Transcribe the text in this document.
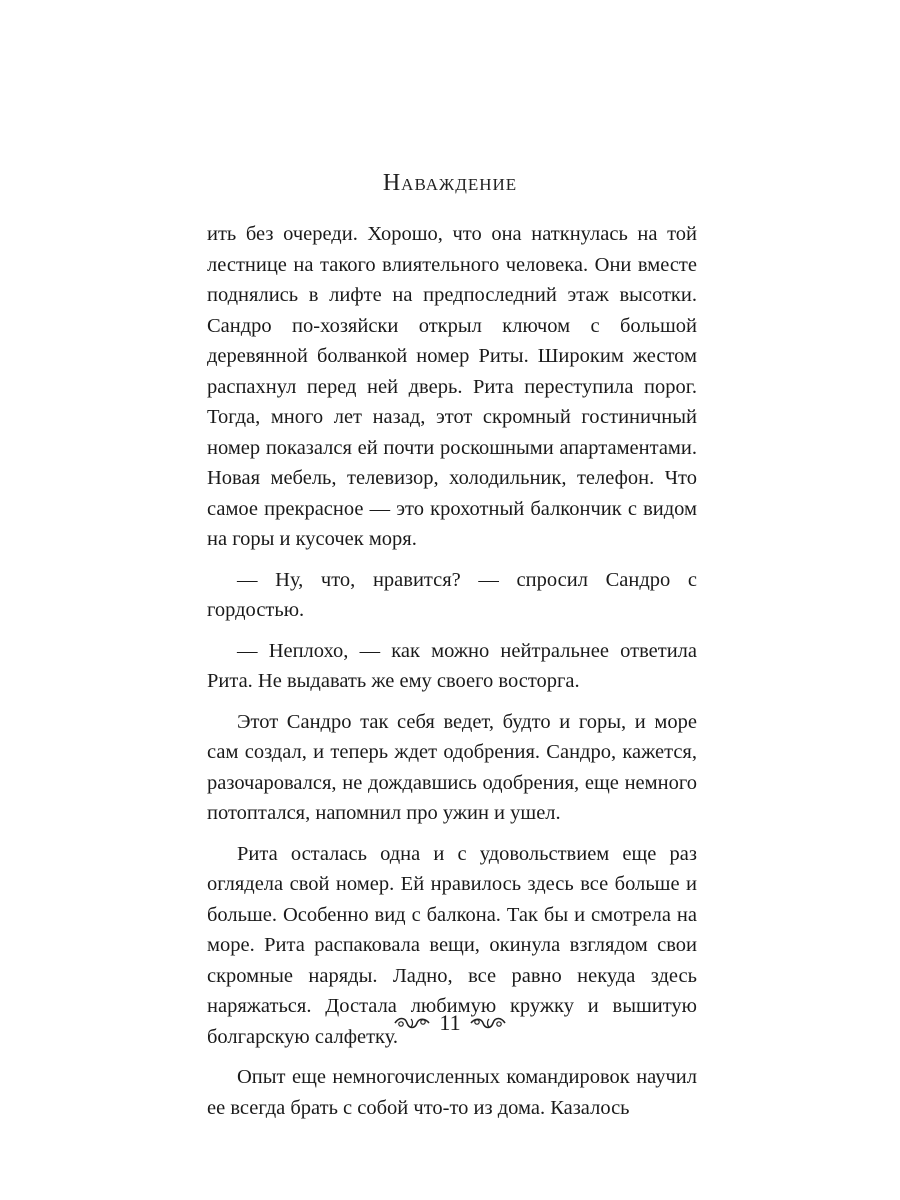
Наваждение

ить без очереди. Хорошо, что она наткнулась на той лестнице на такого влиятельного человека. Они вместе поднялись в лифте на предпоследний этаж высотки. Сандро по-хозяйски открыл ключом с большой деревянной болванкой номер Риты. Широким жестом распахнул перед ней дверь. Рита переступила порог. Тогда, много лет назад, этот скромный гостиничный номер показался ей почти роскошными апартаментами. Новая мебель, телевизор, холодильник, телефон. Что самое прекрасное — это крохотный балкончик с видом на горы и кусочек моря.

— Ну, что, нравится? — спросил Сандро с гордостью.

— Неплохо, — как можно нейтральнее ответила Рита. Не выдавать же ему своего восторга.

Этот Сандро так себя ведет, будто и горы, и море сам создал, и теперь ждет одобрения. Сандро, кажется, разочаровался, не дождавшись одобрения, еще немного потоптался, напомнил про ужин и ушел.

Рита осталась одна и с удовольствием еще раз оглядела свой номер. Ей нравилось здесь все больше и больше. Особенно вид с балкона. Так бы и смотрела на море. Рита распаковала вещи, окинула взглядом свои скромные наряды. Ладно, все равно некуда здесь наряжаться. Достала любимую кружку и вышитую болгарскую салфетку.

Опыт еще немногочисленных командировок научил ее всегда брать с собой что-то из дома. Казалось

11
